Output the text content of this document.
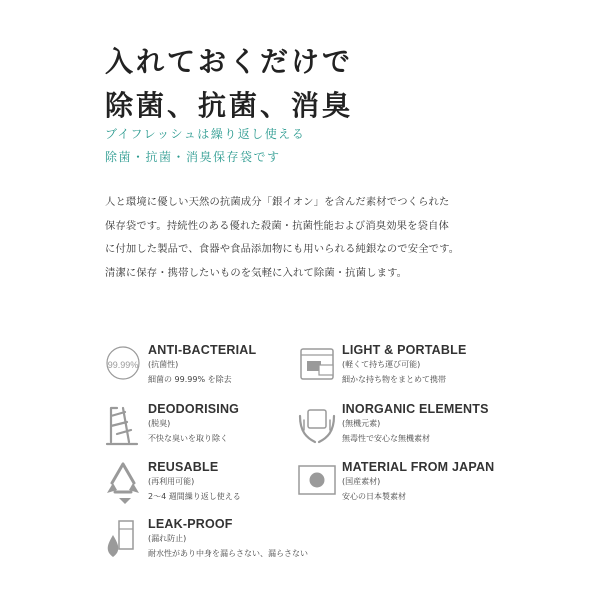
入れておくだけで
除菌、抗菌、消臭
ブイフレッシュは繰り返し使える
除菌・抗菌・消臭保存袋です
人と環境に優しい天然の抗菌成分「銀イオン」を含んだ素材でつくられた
保存袋です。持続性のある優れた殺菌・抗菌性能および消臭効果を袋自体
に付加した製品で、食器や食品添加物にも用いられる純銀なので安全です。
清潔に保存・携帯したいものを気軽に入れて除菌・抗菌します。
99.99%
ANTI-BACTERIAL
(抗菌性)
細菌の 99.99% を除去
LIGHT & PORTABLE
(軽くて持ち運び可能)
細かな持ち物をまとめて携帯
DEODORISING
(脱臭)
不快な臭いを取り除く
INORGANIC ELEMENTS
(無機元素)
無毒性で安心な無機素材
REUSABLE
(再利用可能)
2～4 週間繰り返し使える
MATERIAL FROM JAPAN
(国産素材)
安心の日本製素材
LEAK-PROOF
(漏れ防止)
耐水性があり中身を漏らさない、漏らさない
